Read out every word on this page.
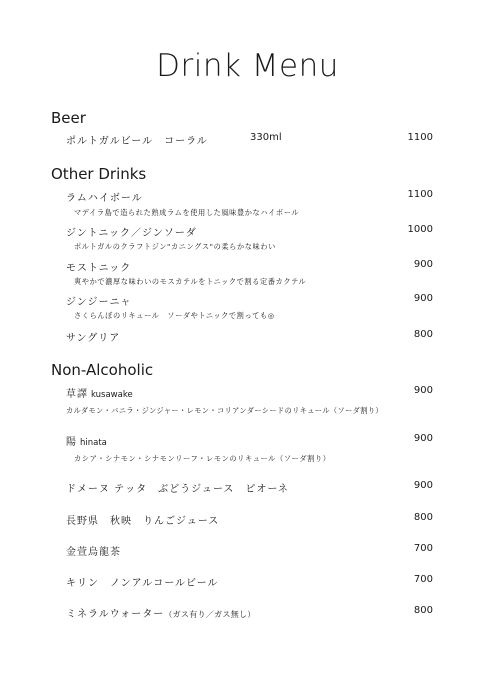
Drink Menu
Beer
ポルトガルビール　コーラル	330ml	1100
Other Drinks
ラムハイボール	1100
マデイラ島で造られた熟成ラムを使用した風味豊かなハイボール
ジントニック／ジンソーダ	1000
ポルトガルのクラフトジン"カニングス"の柔らかな味わい
モストニック	900
爽やかで濃厚な味わいのモスカテルをトニックで割る定番カクテル
ジンジーニャ	900
さくらんぼのリキュール　ソーダやトニックで割っても◎
サングリア	800
Non-Alcoholic
草譯 kusawake	900
カルダモン・バニラ・ジンジャー・レモン・コリアンダーシードのリキュール（ソーダ割り）
陽 hinata	900
カシア・シナモン・シナモンリーフ・レモンのリキュール（ソーダ割り）
ドメーヌ テッタ　ぶどうジュース　ピオーネ	900
長野県　秋映　りんごジュース	800
金萱烏龍茶	700
キリン　ノンアルコールビール	700
ミネラルウォーター（ガス有り／ガス無し）	800
